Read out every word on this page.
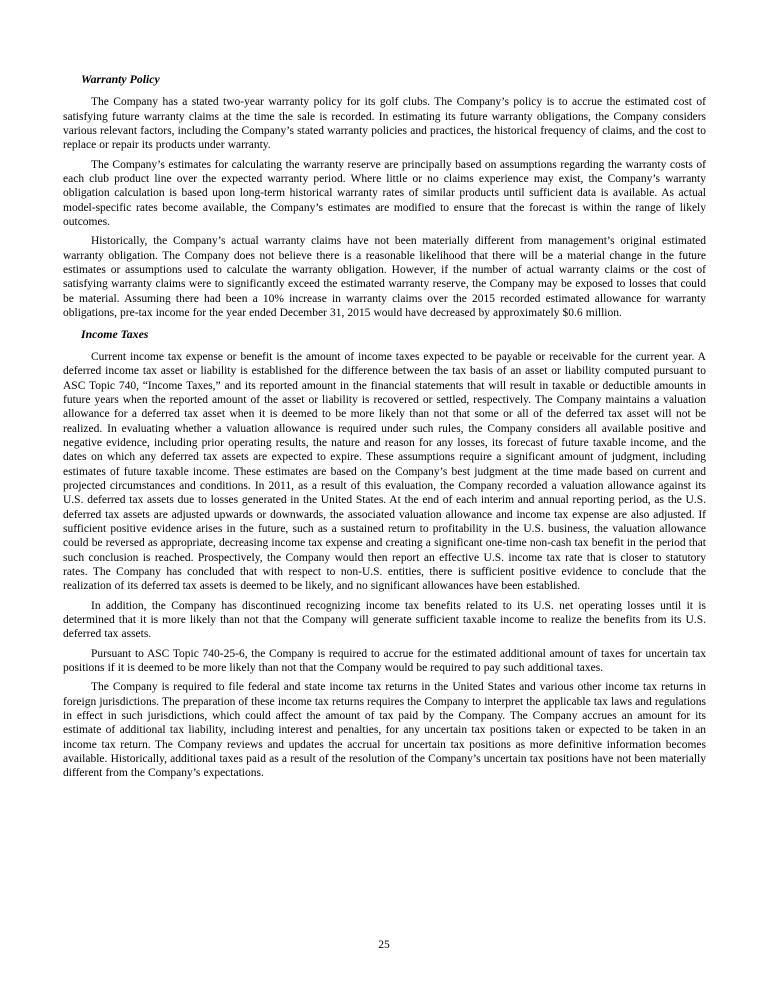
Warranty Policy

The Company has a stated two-year warranty policy for its golf clubs. The Company’s policy is to accrue the estimated cost of satisfying future warranty claims at the time the sale is recorded. In estimating its future warranty obligations, the Company considers various relevant factors, including the Company’s stated warranty policies and practices, the historical frequency of claims, and the cost to replace or repair its products under warranty.

The Company’s estimates for calculating the warranty reserve are principally based on assumptions regarding the warranty costs of each club product line over the expected warranty period. Where little or no claims experience may exist, the Company’s warranty obligation calculation is based upon long-term historical warranty rates of similar products until sufficient data is available. As actual model-specific rates become available, the Company’s estimates are modified to ensure that the forecast is within the range of likely outcomes.

Historically, the Company’s actual warranty claims have not been materially different from management’s original estimated warranty obligation. The Company does not believe there is a reasonable likelihood that there will be a material change in the future estimates or assumptions used to calculate the warranty obligation. However, if the number of actual warranty claims or the cost of satisfying warranty claims were to significantly exceed the estimated warranty reserve, the Company may be exposed to losses that could be material. Assuming there had been a 10% increase in warranty claims over the 2015 recorded estimated allowance for warranty obligations, pre-tax income for the year ended December 31, 2015 would have decreased by approximately $0.6 million.

Income Taxes

Current income tax expense or benefit is the amount of income taxes expected to be payable or receivable for the current year. A deferred income tax asset or liability is established for the difference between the tax basis of an asset or liability computed pursuant to ASC Topic 740, “Income Taxes,” and its reported amount in the financial statements that will result in taxable or deductible amounts in future years when the reported amount of the asset or liability is recovered or settled, respectively. The Company maintains a valuation allowance for a deferred tax asset when it is deemed to be more likely than not that some or all of the deferred tax asset will not be realized. In evaluating whether a valuation allowance is required under such rules, the Company considers all available positive and negative evidence, including prior operating results, the nature and reason for any losses, its forecast of future taxable income, and the dates on which any deferred tax assets are expected to expire. These assumptions require a significant amount of judgment, including estimates of future taxable income. These estimates are based on the Company’s best judgment at the time made based on current and projected circumstances and conditions. In 2011, as a result of this evaluation, the Company recorded a valuation allowance against its U.S. deferred tax assets due to losses generated in the United States. At the end of each interim and annual reporting period, as the U.S. deferred tax assets are adjusted upwards or downwards, the associated valuation allowance and income tax expense are also adjusted. If sufficient positive evidence arises in the future, such as a sustained return to profitability in the U.S. business, the valuation allowance could be reversed as appropriate, decreasing income tax expense and creating a significant one-time non-cash tax benefit in the period that such conclusion is reached. Prospectively, the Company would then report an effective U.S. income tax rate that is closer to statutory rates. The Company has concluded that with respect to non-U.S. entities, there is sufficient positive evidence to conclude that the realization of its deferred tax assets is deemed to be likely, and no significant allowances have been established.

In addition, the Company has discontinued recognizing income tax benefits related to its U.S. net operating losses until it is determined that it is more likely than not that the Company will generate sufficient taxable income to realize the benefits from its U.S. deferred tax assets.

Pursuant to ASC Topic 740-25-6, the Company is required to accrue for the estimated additional amount of taxes for uncertain tax positions if it is deemed to be more likely than not that the Company would be required to pay such additional taxes.

The Company is required to file federal and state income tax returns in the United States and various other income tax returns in foreign jurisdictions. The preparation of these income tax returns requires the Company to interpret the applicable tax laws and regulations in effect in such jurisdictions, which could affect the amount of tax paid by the Company. The Company accrues an amount for its estimate of additional tax liability, including interest and penalties, for any uncertain tax positions taken or expected to be taken in an income tax return. The Company reviews and updates the accrual for uncertain tax positions as more definitive information becomes available. Historically, additional taxes paid as a result of the resolution of the Company’s uncertain tax positions have not been materially different from the Company’s expectations.

25
